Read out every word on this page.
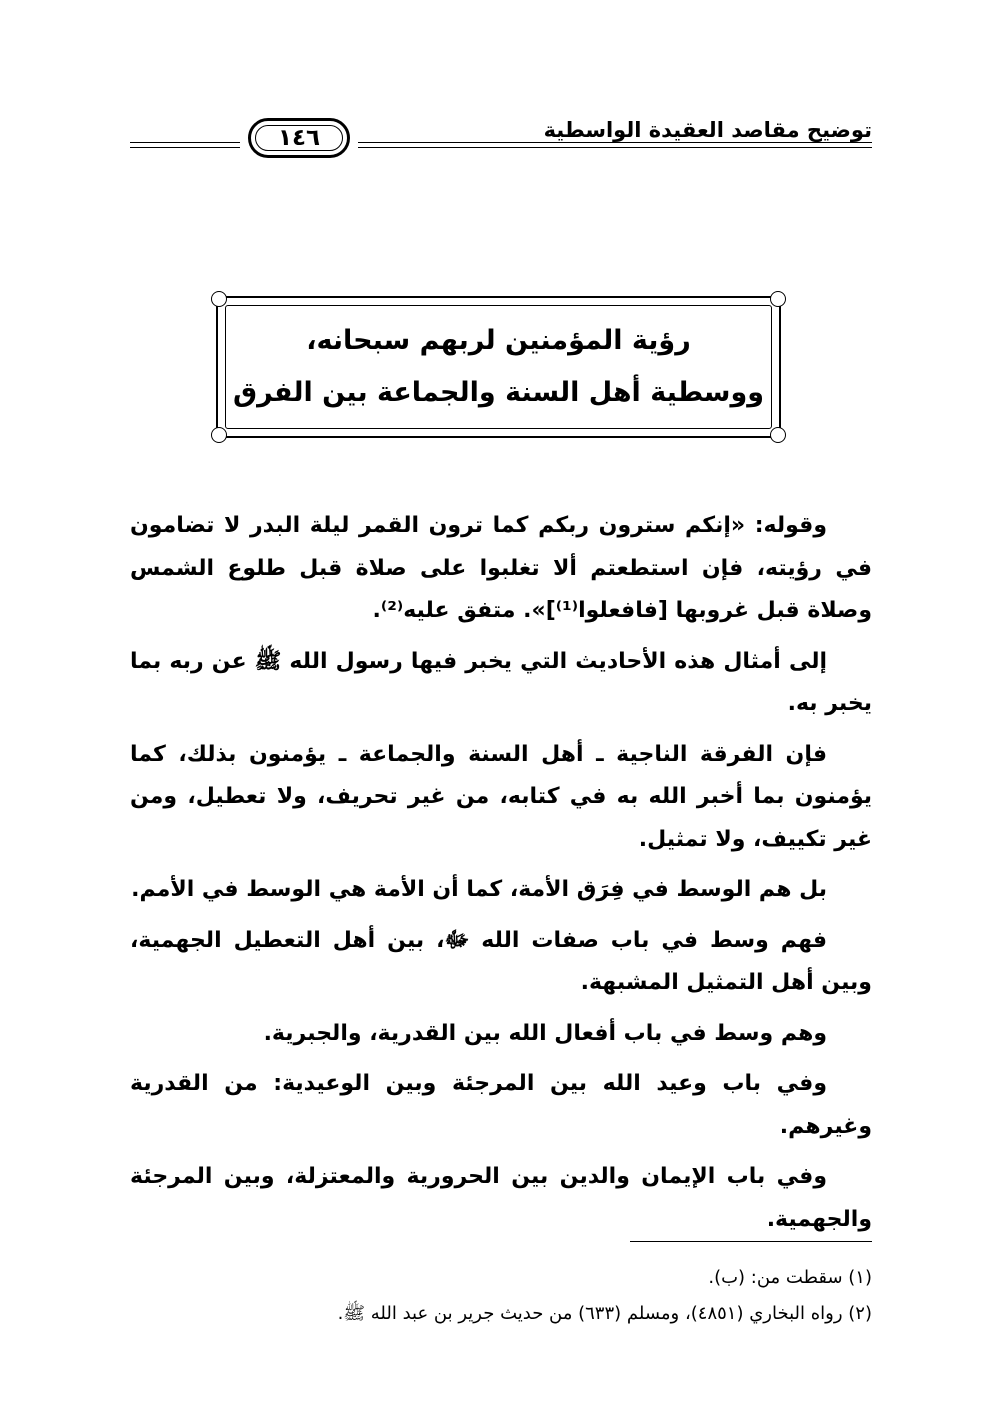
١٤٦	توضيح مقاصد العقيدة الواسطية
رؤية المؤمنين لربهم سبحانه،
ووسطية أهل السنة والجماعة بين الفرق

وقوله: «إنكم سترون ربكم كما ترون القمر ليلة البدر لا تضامون في رؤيته، فإن استطعتم ألا تغلبوا على صلاة قبل طلوع الشمس وصلاة قبل غروبها [فافعلوا⁽¹⁾]». متفق عليه⁽²⁾.

إلى أمثال هذه الأحاديث التي يخبر فيها رسول الله ﷺ عن ربه بما يخبر به.

فإن الفرقة الناجية ـ أهل السنة والجماعة ـ يؤمنون بذلك، كما يؤمنون بما أخبر الله به في كتابه، من غير تحريف، ولا تعطيل، ومن غير تكييف، ولا تمثيل.

بل هم الوسط في فِرَق الأمة، كما أن الأمة هي الوسط في الأمم.

فهم وسط في باب صفات الله ﷻ، بين أهل التعطيل الجهمية، وبين أهل التمثيل المشبهة.

وهم وسط في باب أفعال الله بين القدرية، والجبرية.

وفي باب وعيد الله بين المرجئة وبين الوعيدية: من القدرية وغيرهم.

وفي باب الإيمان والدين بين الحرورية والمعتزلة، وبين المرجئة والجهمية.

(١) سقطت من: (ب).
(٢) رواه البخاري (٤٨٥١)، ومسلم (٦٣٣) من حديث جرير بن عبد الله ﷺ.
